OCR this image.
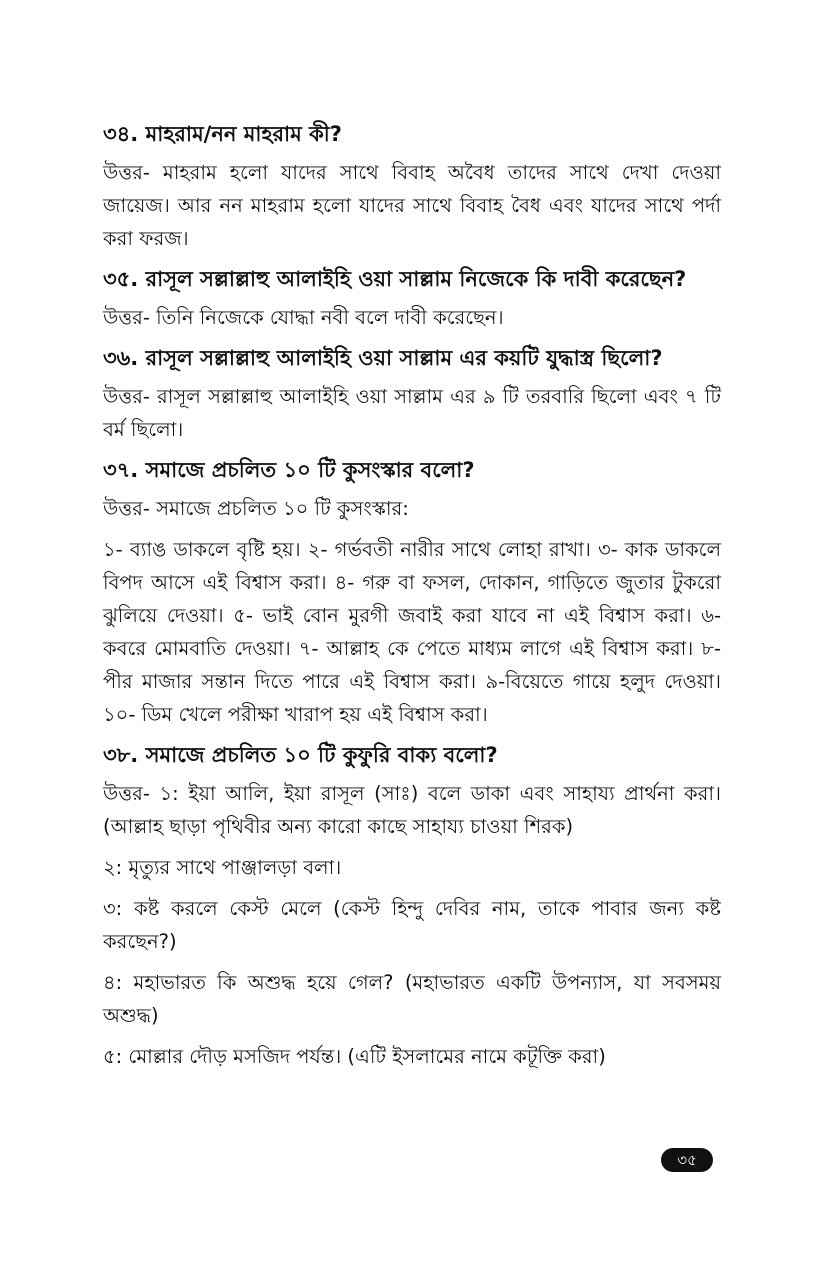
৩৪. মাহরাম/নন মাহরাম কী?

উত্তর- মাহরাম হলো যাদের সাথে বিবাহ অবৈধ তাদের সাথে দেখা দেওয়া জায়েজ। আর নন মাহরাম হলো যাদের সাথে বিবাহ বৈধ এবং যাদের সাথে পর্দা করা ফরজ।

৩৫. রাসূল সল্লাল্লাহু আলাইহি ওয়া সাল্লাম নিজেকে কি দাবী করেছেন?

উত্তর- তিনি নিজেকে যোদ্ধা নবী বলে দাবী করেছেন।

৩৬. রাসূল সল্লাল্লাহু আলাইহি ওয়া সাল্লাম এর কয়টি যুদ্ধাস্ত্র ছিলো?

উত্তর- রাসূল সল্লাল্লাহু আলাইহি ওয়া সাল্লাম এর ৯ টি তরবারি ছিলো এবং ৭ টি বর্ম ছিলো।

৩৭. সমাজে প্রচলিত ১০ টি কুসংস্কার বলো?

উত্তর- সমাজে প্রচলিত ১০ টি কুসংস্কার:

১- ব্যাঙ ডাকলে বৃষ্টি হয়। ২- গর্ভবতী নারীর সাথে লোহা রাখা। ৩- কাক ডাকলে বিপদ আসে এই বিশ্বাস করা। ৪- গরু বা ফসল, দোকান, গাড়িতে জুতার টুকরো ঝুলিয়ে দেওয়া। ৫- ভাই বোন মুরগী জবাই করা যাবে না এই বিশ্বাস করা। ৬- কবরে মোমবাতি দেওয়া। ৭- আল্লাহ কে পেতে মাধ্যম লাগে এই বিশ্বাস করা। ৮- পীর মাজার সন্তান দিতে পারে এই বিশ্বাস করা। ৯-বিয়েতে গায়ে হলুদ দেওয়া। ১০- ডিম খেলে পরীক্ষা খারাপ হয় এই বিশ্বাস করা।

৩৮. সমাজে প্রচলিত ১০ টি কুফুরি বাক্য বলো?

উত্তর- ১: ইয়া আলি, ইয়া রাসূল (সাঃ) বলে ডাকা এবং সাহায্য প্রার্থনা করা। (আল্লাহ ছাড়া পৃথিবীর অন্য কারো কাছে সাহায্য চাওয়া শিরক)

২: মৃত্যুর সাথে পাঞ্জালড়া বলা।

৩: কষ্ট করলে কেস্ট মেলে (কেস্ট হিন্দু দেবির নাম, তাকে পাবার জন্য কষ্ট করছেন?)

৪: মহাভারত কি অশুদ্ধ হয়ে গেল? (মহাভারত একটি উপন্যাস, যা সবসময় অশুদ্ধ)

৫: মোল্লার দৌড় মসজিদ পর্যন্ত। (এটি ইসলামের নামে কটূক্তি করা)

৩৫
